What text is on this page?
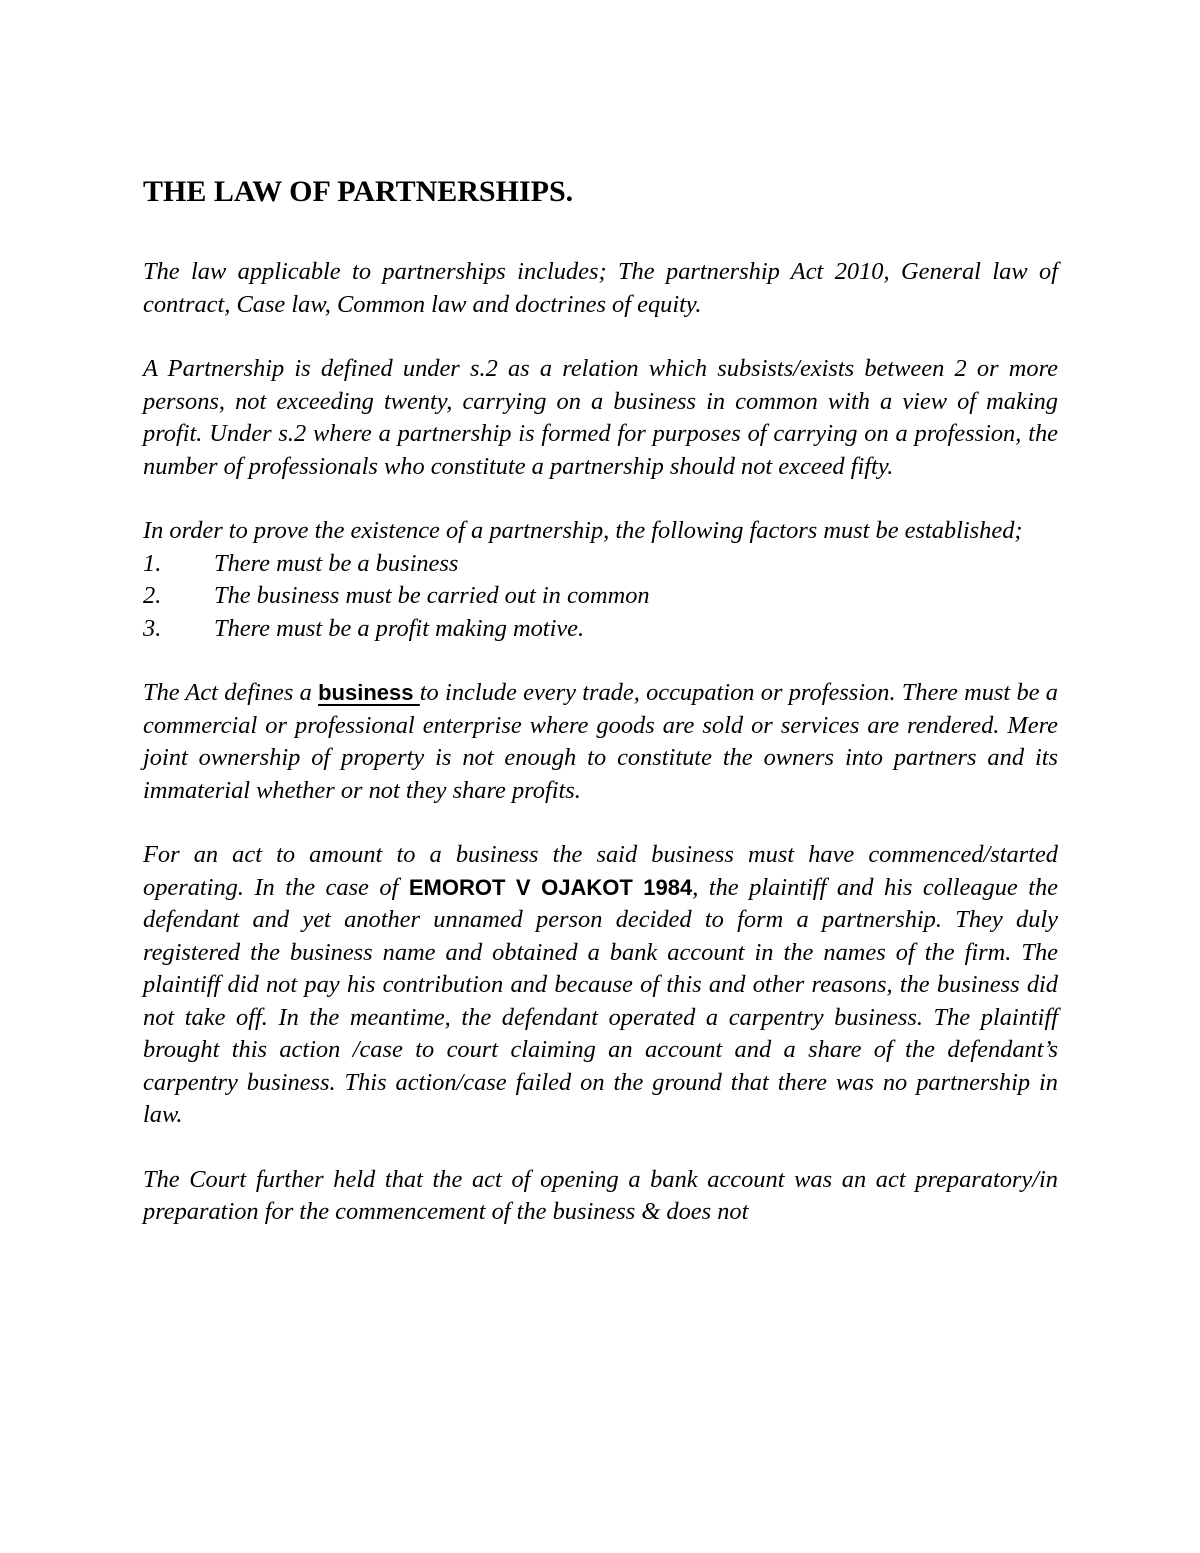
THE LAW OF PARTNERSHIPS.

The law applicable to partnerships includes; The partnership Act 2010, General law of contract, Case law, Common law and doctrines of equity.

A Partnership is defined under s.2 as a relation which subsists/exists between 2 or more persons, not exceeding twenty, carrying on a business in common with a view of making profit. Under s.2 where a partnership is formed for purposes of carrying on a profession, the number of professionals who constitute a partnership should not exceed fifty.

In order to prove the existence of a partnership, the following factors must be established;

1.	There must be a business
2.	The business must be carried out in common
3.	There must be a profit making motive.

The Act defines a business to include every trade, occupation or profession. There must be a commercial or professional enterprise where goods are sold or services are rendered. Mere joint ownership of property is not enough to constitute the owners into partners and its immaterial whether or not they share profits.

For an act to amount to a business the said business must have commenced/started operating. In the case of EMOROT V OJAKOT 1984, the plaintiff and his colleague the defendant and yet another unnamed person decided to form a partnership. They duly registered the business name and obtained a bank account in the names of the firm. The plaintiff did not pay his contribution and because of this and other reasons, the business did not take off. In the meantime, the defendant operated a carpentry business. The plaintiff brought this action /case to court claiming an account and a share of the defendant’s carpentry business. This action/case failed on the ground that there was no partnership in law.

The Court further held that the act of opening a bank account was an act preparatory/in preparation for the commencement of the business & does not
